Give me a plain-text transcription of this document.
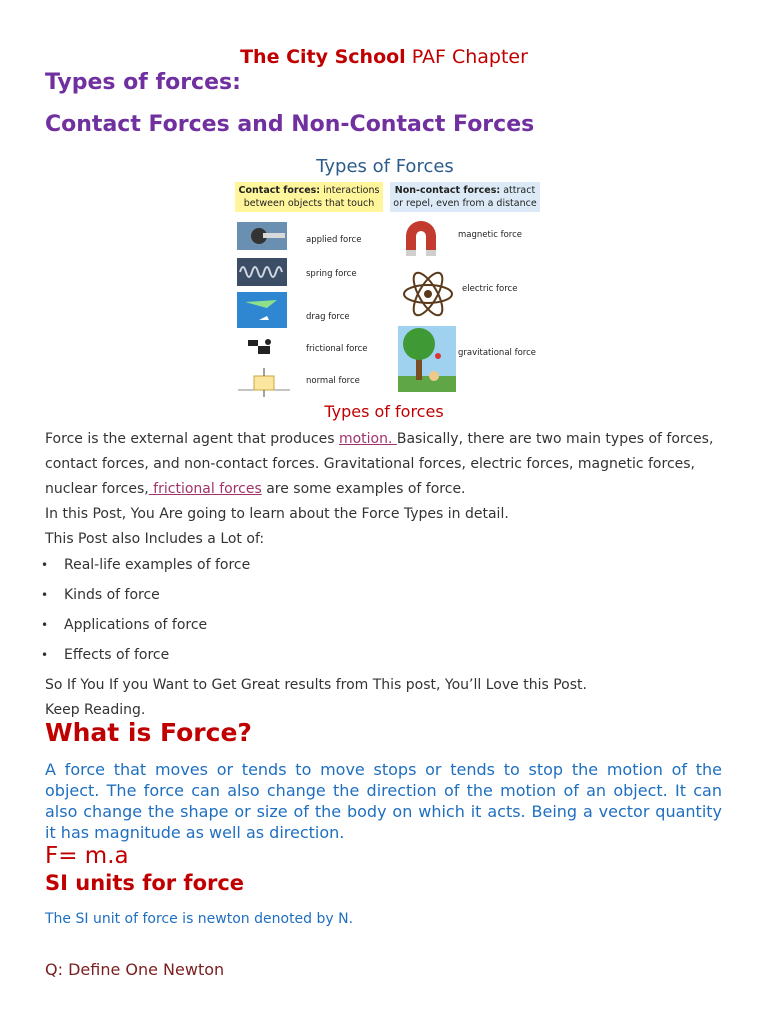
The City School PAF Chapter
Types of forces:
Contact Forces and Non-Contact Forces
Types of Forces
Contact forces: interactions between objects that touch
Non-contact forces: attract or repel, even from a distance
applied force
spring force
drag force
frictional force
normal force
magnetic force
electric force
gravitational force
Types of forces
Force is the external agent that produces motion. Basically, there are two main types of forces, contact forces, and non-contact forces. Gravitational forces, electric forces, magnetic forces, nuclear forces, frictional forces are some examples of force.
In this Post, You Are going to learn about the Force Types in detail.
This Post also Includes a Lot of:
• Real-life examples of force
• Kinds of force
• Applications of force
• Effects of force
So If You If you Want to Get Great results from This post, You’ll Love this Post.
Keep Reading.
What is Force?
A force that moves or tends to move stops or tends to stop the motion of the object. The force can also change the direction of the motion of an object. It can also change the shape or size of the body on which it acts. Being a vector quantity it has magnitude as well as direction.
F= m.a
SI units for force
The SI unit of force is newton denoted by N.
Q: Define One Newton
